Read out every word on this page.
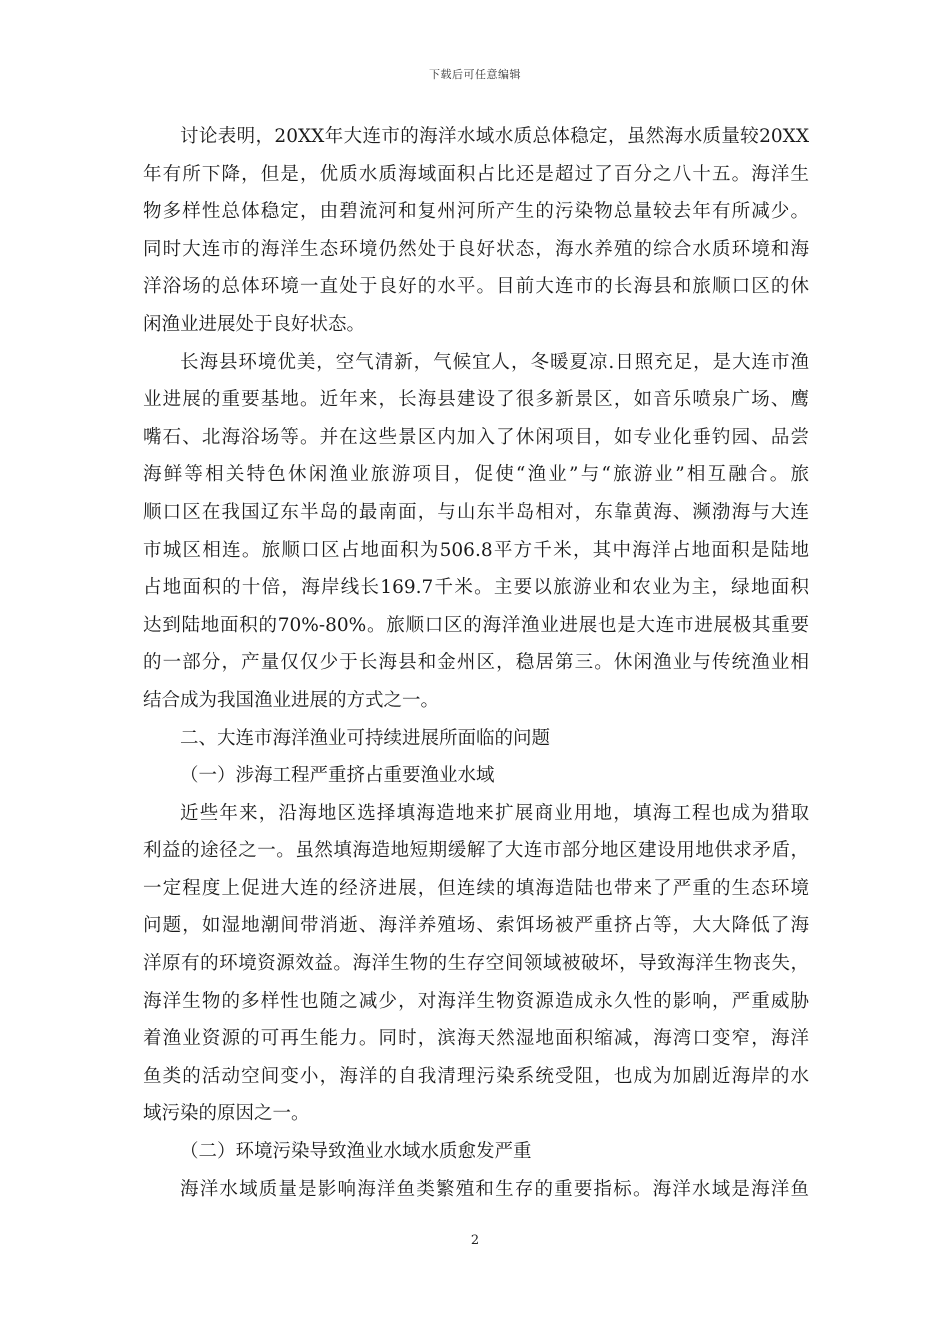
下载后可任意编辑
讨论表明，20XX年大连市的海洋水域水质总体稳定，虽然海水质量较20XX
年有所下降，但是，优质水质海域面积占比还是超过了百分之八十五。海洋生
物多样性总体稳定，由碧流河和复州河所产生的污染物总量较去年有所减少。
同时大连市的海洋生态环境仍然处于良好状态，海水养殖的综合水质环境和海
洋浴场的总体环境一直处于良好的水平。目前大连市的长海县和旅顺口区的休
闲渔业进展处于良好状态。
长海县环境优美，空气清新，气候宜人，冬暖夏凉.日照充足，是大连市渔
业进展的重要基地。近年来，长海县建设了很多新景区，如音乐喷泉广场、鹰
嘴石、北海浴场等。并在这些景区内加入了休闲项目，如专业化垂钓园、品尝
海鲜等相关特色休闲渔业旅游项目，促使“渔业”与“旅游业”相互融合。旅
顺口区在我国辽东半岛的最南面，与山东半岛相对，东靠黄海、濒渤海与大连
市城区相连。旅顺口区占地面积为506.8平方千米，其中海洋占地面积是陆地
占地面积的十倍，海岸线长169.7千米。主要以旅游业和农业为主，绿地面积
达到陆地面积的70%-80%。旅顺口区的海洋渔业进展也是大连市进展极其重要
的一部分，产量仅仅少于长海县和金州区，稳居第三。休闲渔业与传统渔业相
结合成为我国渔业进展的方式之一。
二、大连市海洋渔业可持续进展所面临的问题
（一）涉海工程严重挤占重要渔业水域
近些年来，沿海地区选择填海造地来扩展商业用地，填海工程也成为猎取
利益的途径之一。虽然填海造地短期缓解了大连市部分地区建设用地供求矛盾，
一定程度上促进大连的经济进展，但连续的填海造陆也带来了严重的生态环境
问题，如湿地潮间带消逝、海洋养殖场、索饵场被严重挤占等，大大降低了海
洋原有的环境资源效益。海洋生物的生存空间领域被破坏，导致海洋生物丧失，
海洋生物的多样性也随之减少，对海洋生物资源造成永久性的影响，严重威胁
着渔业资源的可再生能力。同时，滨海天然湿地面积缩减，海湾口变窄，海洋
鱼类的活动空间变小，海洋的自我清理污染系统受阻，也成为加剧近海岸的水
域污染的原因之一。
（二）环境污染导致渔业水域水质愈发严重
海洋水域质量是影响海洋鱼类繁殖和生存的重要指标。海洋水域是海洋鱼
2
